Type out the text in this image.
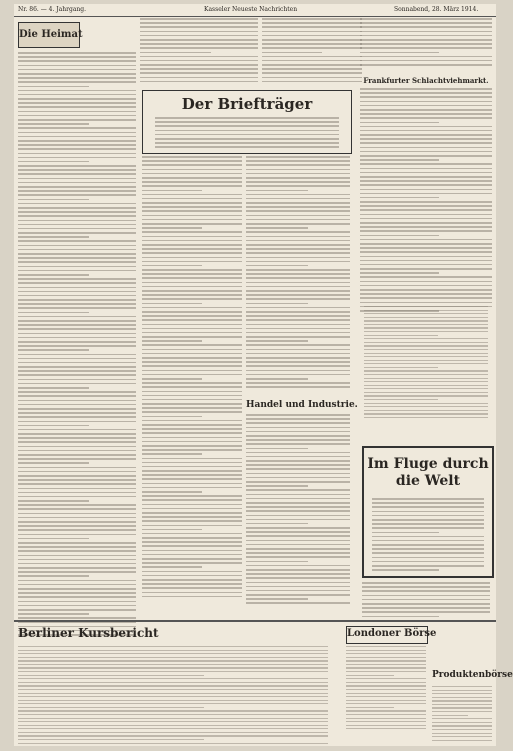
Nr. 86. — 4. Jahrgang.	Kasseler Neueste Nachrichten	Sonnabend, 28. März 1914.
Die Heimat
Der Briefträger
Handel und Industrie.
Frankfurter Schlachtviehmarkt.
Im Fluge durch die Welt
Berliner Kursbericht	Londoner Börse
Produktenbörse
